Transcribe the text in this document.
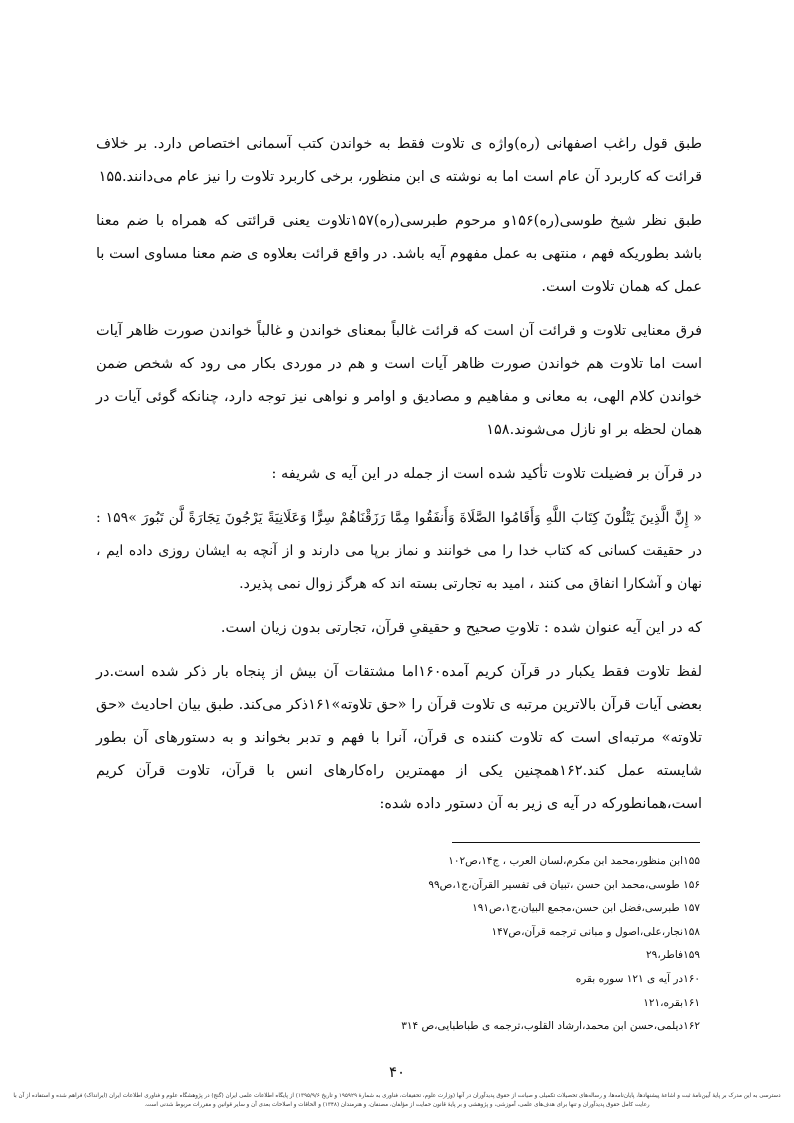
طبق قول راغب اصفهانی (ره)واژه ی تلاوت فقط به خواندن کتب آسمانی اختصاص دارد. بر خلاف قرائت که کاربرد آن عام است اما به نوشته ی ابن منظور، برخی کاربرد تلاوت را نیز عام می‌دانند.۱۵۵

طبق نظر شیخ طوسی(ره)۱۵۶و مرحوم طبرسی(ره)۱۵۷تلاوت یعنی قرائتی که همراه با ضم معنا باشد بطوریکه فهم ، منتهی به عمل مفهوم آیه باشد. در واقع قرائت بعلاوه ی ضم معنا مساوی است با عمل که همان تلاوت است.

فرق معنایی تلاوت و قرائت آن است که قرائت غالباً بمعنای خواندن و غالباً خواندن صورت ظاهر آیات است اما تلاوت هم خواندن صورت ظاهر آیات است و هم در موردی بکار می رود که شخص ضمن خواندن کلام الهی، به معانی و مفاهیم و مصادیق و اوامر و نواهی نیز توجه دارد، چنانکه گوئی آیات در همان لحظه بر او نازل می‌شوند.۱۵۸

در قرآن بر فضیلت تلاوت تأکید شده است از جمله در این آیه ی شریفه :

« إِنَّ الَّذِينَ يَتْلُونَ كِتَابَ اللَّهِ وَأَقَامُوا الصَّلَاةَ وَأَنفَقُوا مِمَّا رَزَقْنَاهُمْ سِرًّا وَعَلَانِيَةً يَرْجُونَ تِجَارَةً لَّن تَبُورَ »۱۵۹ : در حقیقت کسانی که کتاب خدا را می خوانند و نماز برپا می دارند و از آنچه به ایشان روزی داده ایم ، نهان و آشکارا انفاق می کنند ، امید به تجارتی بسته اند که هرگز زوال نمی پذیرد.

که در این آیه عنوان شده : تلاوتِ صحیح و حقیقیِ قرآن، تجارتی بدون زیان است.

لفظ تلاوت فقط یکبار در قرآن کریم آمده۱۶۰اما مشتقات آن بیش از پنجاه بار ذکر شده است.در بعضی آیات قرآن بالاترین مرتبه ی تلاوت قرآن را «حق تلاوته»۱۶۱ذکر می‌کند. طبق بیان احادیث «حق تلاوته» مرتبه‌ای است که تلاوت کننده ی قرآن، آنرا با فهم و تدبر بخواند و به دستورهای آن بطور شایسته عمل کند.۱۶۲همچنین یکی از مهمترین راه‌کارهای انس با قرآن، تلاوت قرآن کریم است،همانطورکه در آیه ی زیر به آن دستور داده شده:

۱۵۵ابن منظور،محمد ابن مکرم،لسان العرب ، ج۱۴،ص۱۰۲
۱۵۶ طوسی،محمد ابن حسن ،تبیان فی تفسیر القرآن،ج۱،ص۹۹
۱۵۷ طبرسی،فضل ابن حسن،مجمع البیان،ج۱،ص۱۹۱
۱۵۸نجار،علی،اصول و مبانی ترجمه قرآن،ص۱۴۷
۱۵۹فاطر،۲۹
۱۶۰در آیه ی ۱۲۱ سوره بقره
۱۶۱بقره،۱۲۱
۱۶۲دیلمی،حسن ابن محمد،ارشاد القلوب،ترجمه ی طباطبایی،ص ۳۱۴
۴۰
دسترسی به این مدرک بر پایهٔ آیین‌نامهٔ ثبت و اشاعهٔ پیشنهادها، پایان‌نامه‌ها، و رساله‌های تحصیلات تکمیلی و صیانت از حقوق پدیدآوران در آنها (وزارت علوم، تحقیقات، فناوری به شمارهٔ ۱۹۵۹۲۹ و تاریخ ۱۳۹۵/۹/۶) از پایگاه اطلاعات علمی ایران (گنج) در پژوهشگاه علوم و فناوری اطلاعات ایران (ایرانداک) فراهم شده و استفاده از آن با رعایت کامل حقوق پدیدآوران و تنها برای هدف‌های علمی، آموزشی، و پژوهشی و بر پایهٔ قانون حمایت از مؤلفان، مصنفان، و هنرمندان (۱۳۴۸) و الحاقات و اصلاحات بعدی آن و سایر قوانین و مقررات مربوط شدنی است.
